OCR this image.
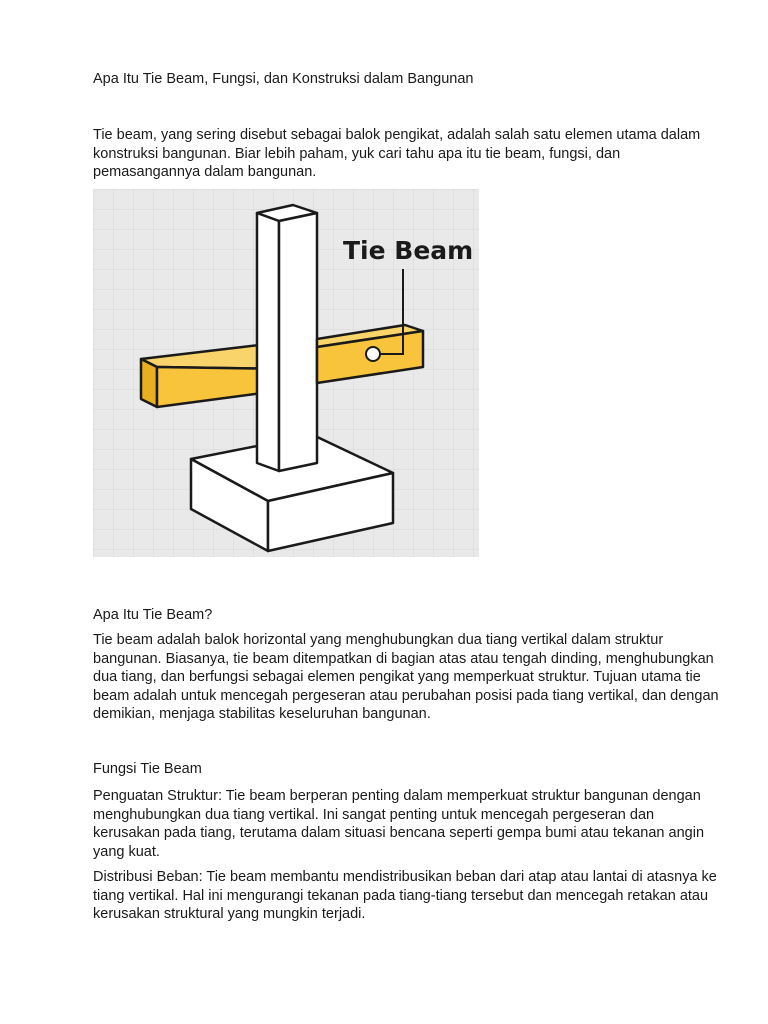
Apa Itu Tie Beam, Fungsi, dan Konstruksi dalam Bangunan

Tie beam, yang sering disebut sebagai balok pengikat, adalah salah satu elemen utama dalam konstruksi bangunan. Biar lebih paham, yuk cari tahu apa itu tie beam, fungsi, dan pemasangannya dalam bangunan.

Tie Beam

Apa Itu Tie Beam?

Tie beam adalah balok horizontal yang menghubungkan dua tiang vertikal dalam struktur bangunan. Biasanya, tie beam ditempatkan di bagian atas atau tengah dinding, menghubungkan dua tiang, dan berfungsi sebagai elemen pengikat yang memperkuat struktur. Tujuan utama tie beam adalah untuk mencegah pergeseran atau perubahan posisi pada tiang vertikal, dan dengan demikian, menjaga stabilitas keseluruhan bangunan.

Fungsi Tie Beam

Penguatan Struktur: Tie beam berperan penting dalam memperkuat struktur bangunan dengan menghubungkan dua tiang vertikal. Ini sangat penting untuk mencegah pergeseran dan kerusakan pada tiang, terutama dalam situasi bencana seperti gempa bumi atau tekanan angin yang kuat.

Distribusi Beban: Tie beam membantu mendistribusikan beban dari atap atau lantai di atasnya ke tiang vertikal. Hal ini mengurangi tekanan pada tiang-tiang tersebut dan mencegah retakan atau kerusakan struktural yang mungkin terjadi.
